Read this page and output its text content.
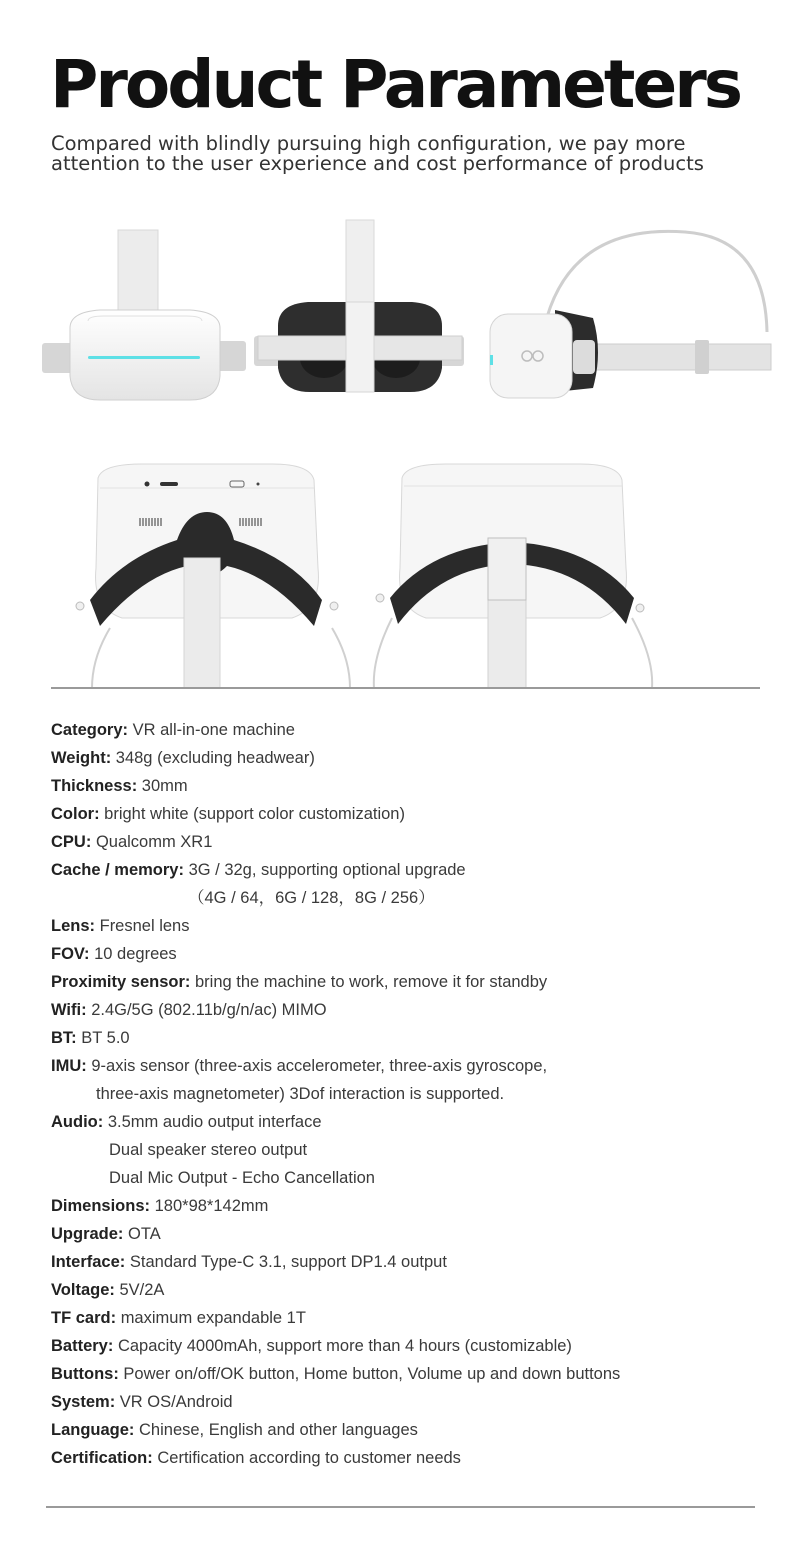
Product Parameters

Compared with blindly pursuing high configuration, we pay more attention to the user experience and cost performance of products

Category: VR all-in-one machine
Weight: 348g (excluding headwear)
Thickness: 30mm
Color: bright white (support color customization)
CPU: Qualcomm XR1
Cache / memory: 3G / 32g, supporting optional upgrade
（4G / 64，6G / 128，8G / 256）
Lens: Fresnel lens
FOV: 10 degrees
Proximity sensor: bring the machine to work, remove it for standby
Wifi: 2.4G/5G (802.11b/g/n/ac) MIMO
BT: BT 5.0
IMU: 9-axis sensor (three-axis accelerometer, three-axis gyroscope,
three-axis magnetometer) 3Dof interaction is supported.
Audio: 3.5mm audio output interface
Dual speaker stereo output
Dual Mic Output - Echo Cancellation
Dimensions: 180*98*142mm
Upgrade: OTA
Interface: Standard Type-C 3.1, support DP1.4 output
Voltage: 5V/2A
TF card: maximum expandable 1T
Battery: Capacity 4000mAh, support more than 4 hours (customizable)
Buttons: Power on/off/OK button, Home button, Volume up and down buttons
System: VR OS/Android
Language: Chinese, English and other languages
Certification: Certification according to customer needs
